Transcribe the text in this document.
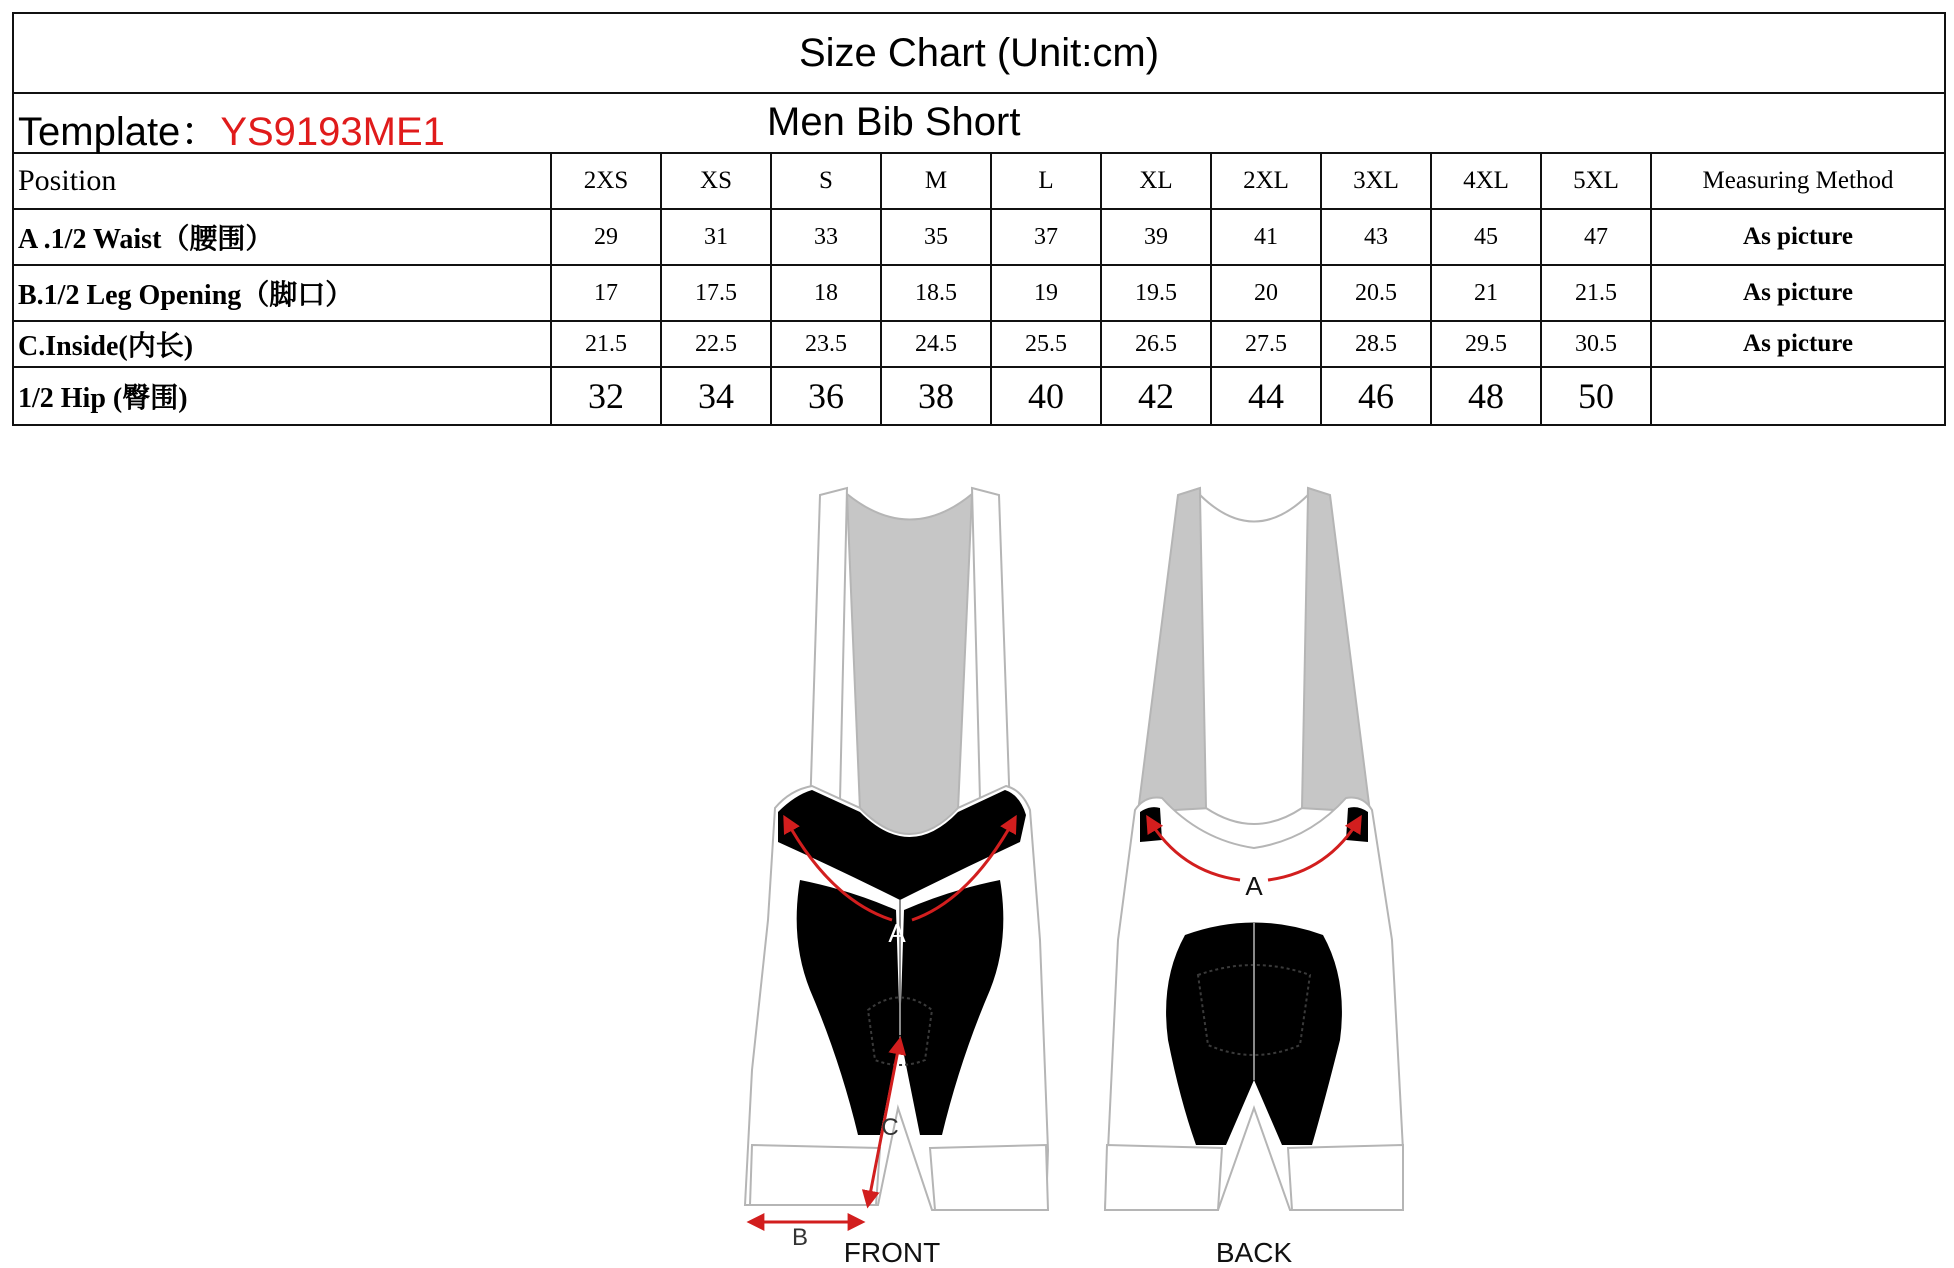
Size Chart (Unit:cm)											

Template：YS9193ME1 Men Bib Short											

Position	2XS	XS	S	M	L	XL	2XL	3XL	4XL	5XL	Measuring Method
A .1/2 Waist（腰围）	29	31	33	35	37	39	41	43	45	47	As picture
B.1/2 Leg Opening（脚口）	17	17.5	18	18.5	19	19.5	20	20.5	21	21.5	As picture
C.Inside(内长)	21.5	22.5	23.5	24.5	25.5	26.5	27.5	28.5	29.5	30.5	As picture
1/2 Hip (臀围)	32	34	36	38	40	42	44	46	48	50	
A
C
B FRONT
A
BACK
